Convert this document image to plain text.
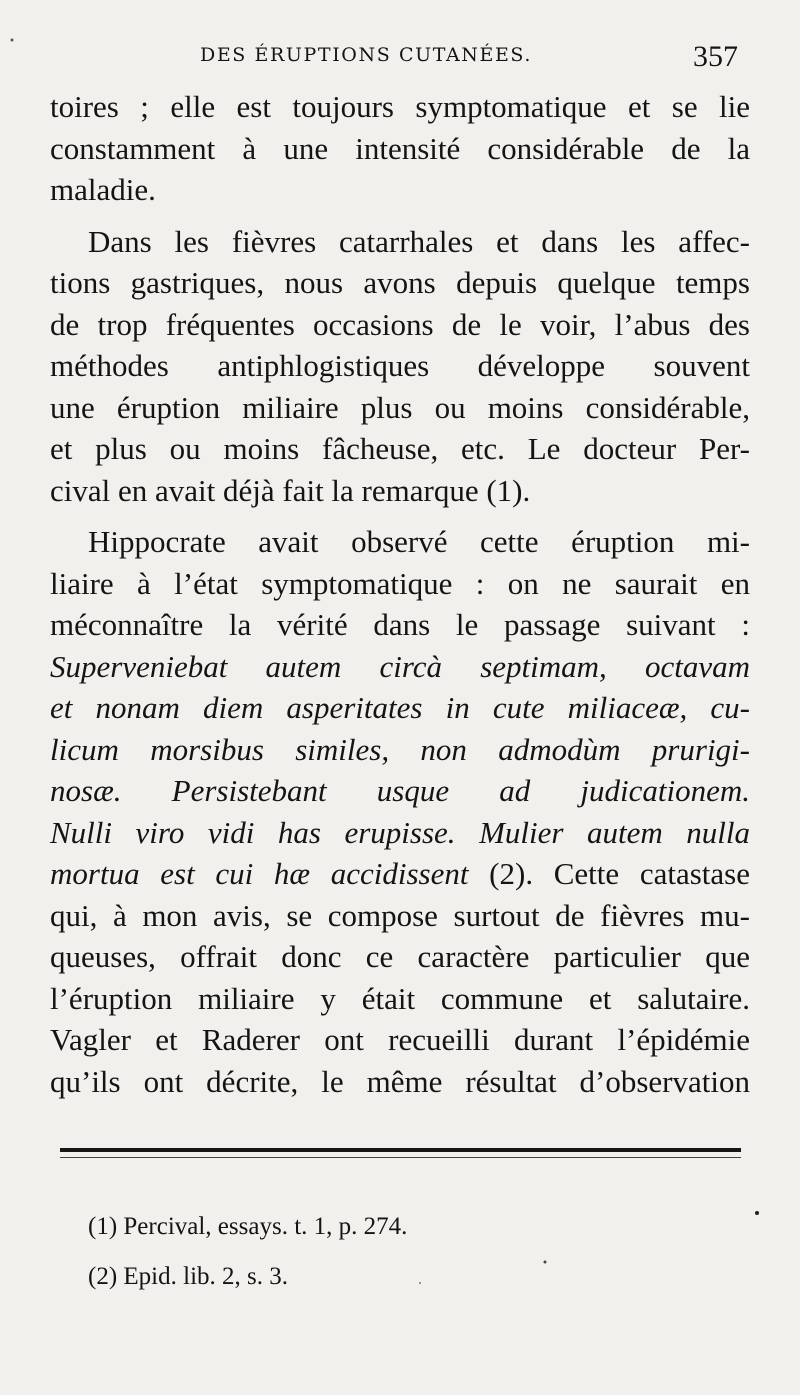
DES ÉRUPTIONS CUTANÉES.	357
toires ; elle est toujours symptomatique et se lie
constamment à une intensité considérable de la
maladie.
Dans les fièvres catarrhales et dans les affec-
tions gastriques, nous avons depuis quelque temps
de trop fréquentes occasions de le voir, l’abus des
méthodes antiphlogistiques développe souvent
une éruption miliaire plus ou moins considérable,
et plus ou moins fâcheuse, etc. Le docteur Per-
cival en avait déjà fait la remarque (1).
Hippocrate avait observé cette éruption mi-
liaire à l’état symptomatique : on ne saurait en
méconnaître la vérité dans le passage suivant :
Superveniebat autem circà septimam, octavam
et nonam diem asperitates in cute miliaceæ, cu-
licum morsibus similes, non admodùm prurigi-
nosæ. Persistebant usque ad judicationem.
Nulli viro vidi has erupisse. Mulier autem nulla
mortua est cui hæ accidissent (2). Cette catastase
qui, à mon avis, se compose surtout de fièvres mu-
queuses, offrait donc ce caractère particulier que
l’éruption miliaire y était commune et salutaire.
Vagler et Raderer ont recueilli durant l’épidémie
qu’ils ont décrite, le même résultat d’observation
(1) Percival, essays. t. 1, p. 274.
(2) Epid. lib. 2, s. 3.
